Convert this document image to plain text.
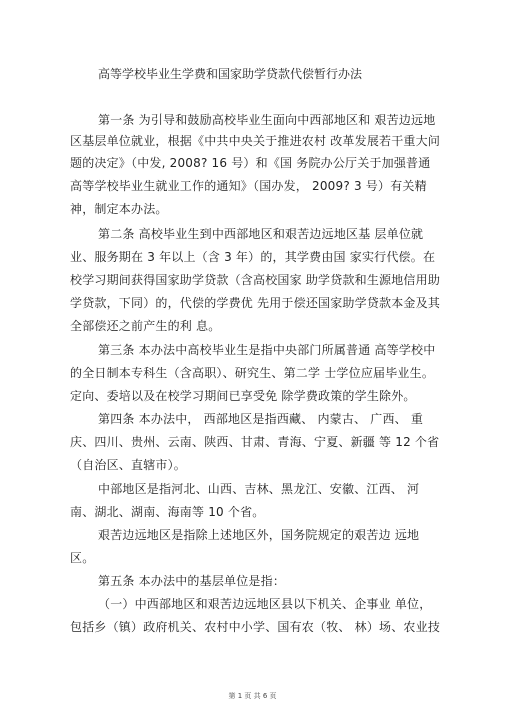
高等学校毕业生学费和国家助学贷款代偿暂行办法
第一条 为引导和鼓励高校毕业生面向中西部地区和 艰苦边远地
区基层单位就业，根据《中共中央关于推进农村 改革发展若干重大问
题的决定》（中发, 2008? 16 号）和《国 务院办公厅关于加强普通
高等学校毕业生就业工作的通知》（国办发， 2009? 3 号）有关精
神，制定本办法。
第二条 高校毕业生到中西部地区和艰苦边远地区基 层单位就
业、服务期在 3 年以上（含 3 年）的，其学费由国 家实行代偿。在
校学习期间获得国家助学贷款（含高校国家 助学贷款和生源地信用助
学贷款，下同）的，代偿的学费优 先用于偿还国家助学贷款本金及其
全部偿还之前产生的利 息。
第三条 本办法中高校毕业生是指中央部门所属普通 高等学校中
的全日制本专科生（含高职）、研究生、第二学 士学位应届毕业生。
定向、委培以及在校学习期间已享受免 除学费政策的学生除外。
第四条 本办法中， 西部地区是指西藏、 内蒙古、 广西、 重
庆、四川、贵州、云南、陕西、甘肃、青海、宁夏、新疆 等 12 个省
（自治区、直辖市）。
中部地区是指河北、山西、吉林、黑龙江、安徽、江西、 河
南、湖北、湖南、海南等 10 个省。
艰苦边远地区是指除上述地区外，国务院规定的艰苦边 远地
区。
第五条 本办法中的基层单位是指：
（一）中西部地区和艰苦边远地区县以下机关、企事业 单位，
包括乡（镇）政府机关、农村中小学、国有农（牧、 林）场、农业技
第 1 页 共 6 页
